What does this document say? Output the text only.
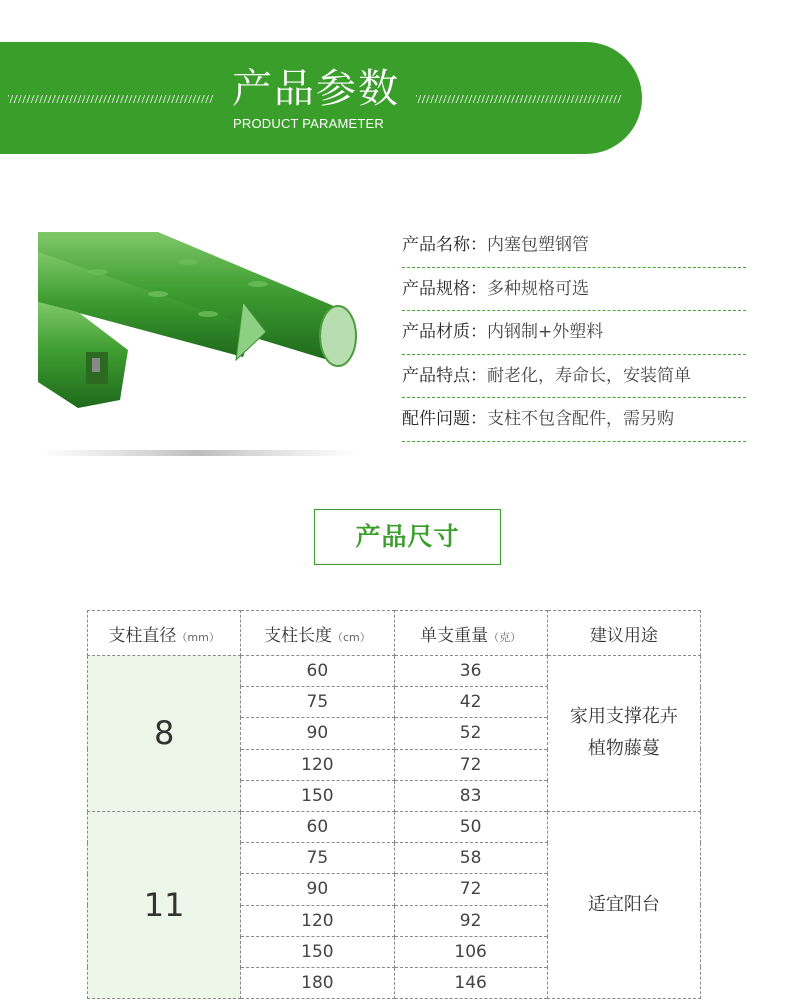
产品参数
PRODUCT PARAMETER
产品名称：内塞包塑钢管
产品规格：多种规格可选
产品材质：内钢制+外塑料
产品特点：耐老化，寿命长，安装简单
配件问题：支柱不包含配件，需另购
产品尺寸
支柱直径（mm）	支柱长度（cm）	单支重量（克）	建议用途
8	60	36	家用支撑花卉
植物藤蔓

	75	42	
	90	52	
	120	72	
	150	83	
11	60	50	适宜阳台

	75	58	
	90	72	
	120	92	
	150	106	
	180	146	
